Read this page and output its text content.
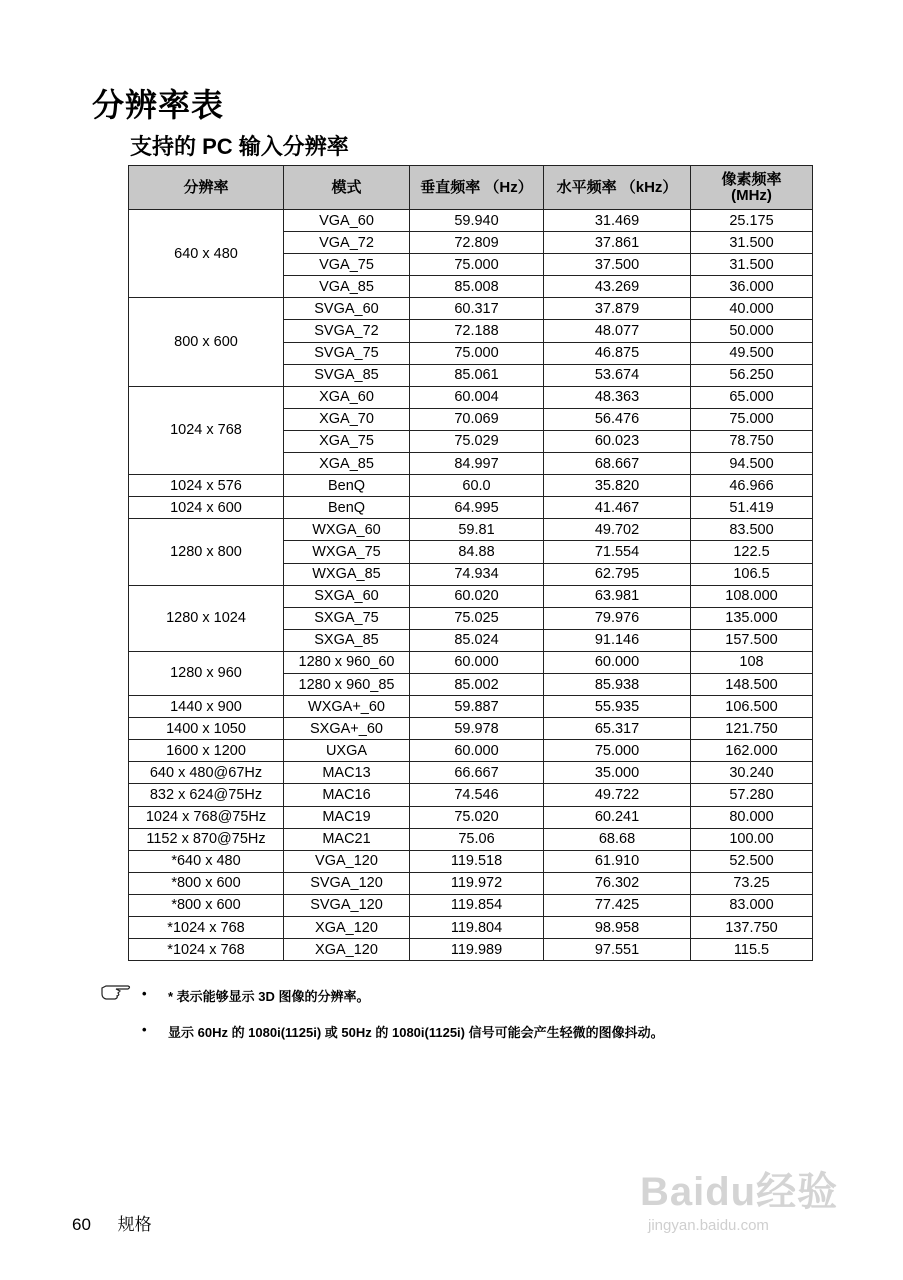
分辨率表
支持的 PC 输入分辨率
分辨率	模式	垂直频率 （Hz）	水平频率 （kHz）	像素频率 (MHz)
640 x 480	VGA_60	59.940	31.469	25.175
	VGA_72	72.809	37.861	31.500
	VGA_75	75.000	37.500	31.500
	VGA_85	85.008	43.269	36.000
800 x 600	SVGA_60	60.317	37.879	40.000
	SVGA_72	72.188	48.077	50.000
	SVGA_75	75.000	46.875	49.500
	SVGA_85	85.061	53.674	56.250
1024 x 768	XGA_60	60.004	48.363	65.000
	XGA_70	70.069	56.476	75.000
	XGA_75	75.029	60.023	78.750
	XGA_85	84.997	68.667	94.500
1024 x 576	BenQ	60.0	35.820	46.966
1024 x 600	BenQ	64.995	41.467	51.419
1280 x 800	WXGA_60	59.81	49.702	83.500
	WXGA_75	84.88	71.554	122.5
	WXGA_85	74.934	62.795	106.5
1280 x 1024	SXGA_60	60.020	63.981	108.000
	SXGA_75	75.025	79.976	135.000
	SXGA_85	85.024	91.146	157.500
1280 x 960	1280 x 960_60	60.000	60.000	108
	1280 x 960_85	85.002	85.938	148.500
1440 x 900	WXGA+_60	59.887	55.935	106.500
1400 x 1050	SXGA+_60	59.978	65.317	121.750
1600 x 1200	UXGA	60.000	75.000	162.000
640 x 480@67Hz	MAC13	66.667	35.000	30.240
832 x 624@75Hz	MAC16	74.546	49.722	57.280
1024 x 768@75Hz	MAC19	75.020	60.241	80.000
1152 x 870@75Hz	MAC21	75.06	68.68	100.00
*640 x 480	VGA_120	119.518	61.910	52.500
*800 x 600	SVGA_120	119.972	76.302	73.25
*800 x 600	SVGA_120	119.854	77.425	83.000
*1024 x 768	XGA_120	119.804	98.958	137.750
*1024 x 768	XGA_120	119.989	97.551	115.5
• * 表示能够显示 3D 图像的分辨率。
• 显示 60Hz 的 1080i(1125i) 或 50Hz 的 1080i(1125i) 信号可能会产生轻微的图像抖动。
Baidu经验
jingyan.baidu.com
60 规格
